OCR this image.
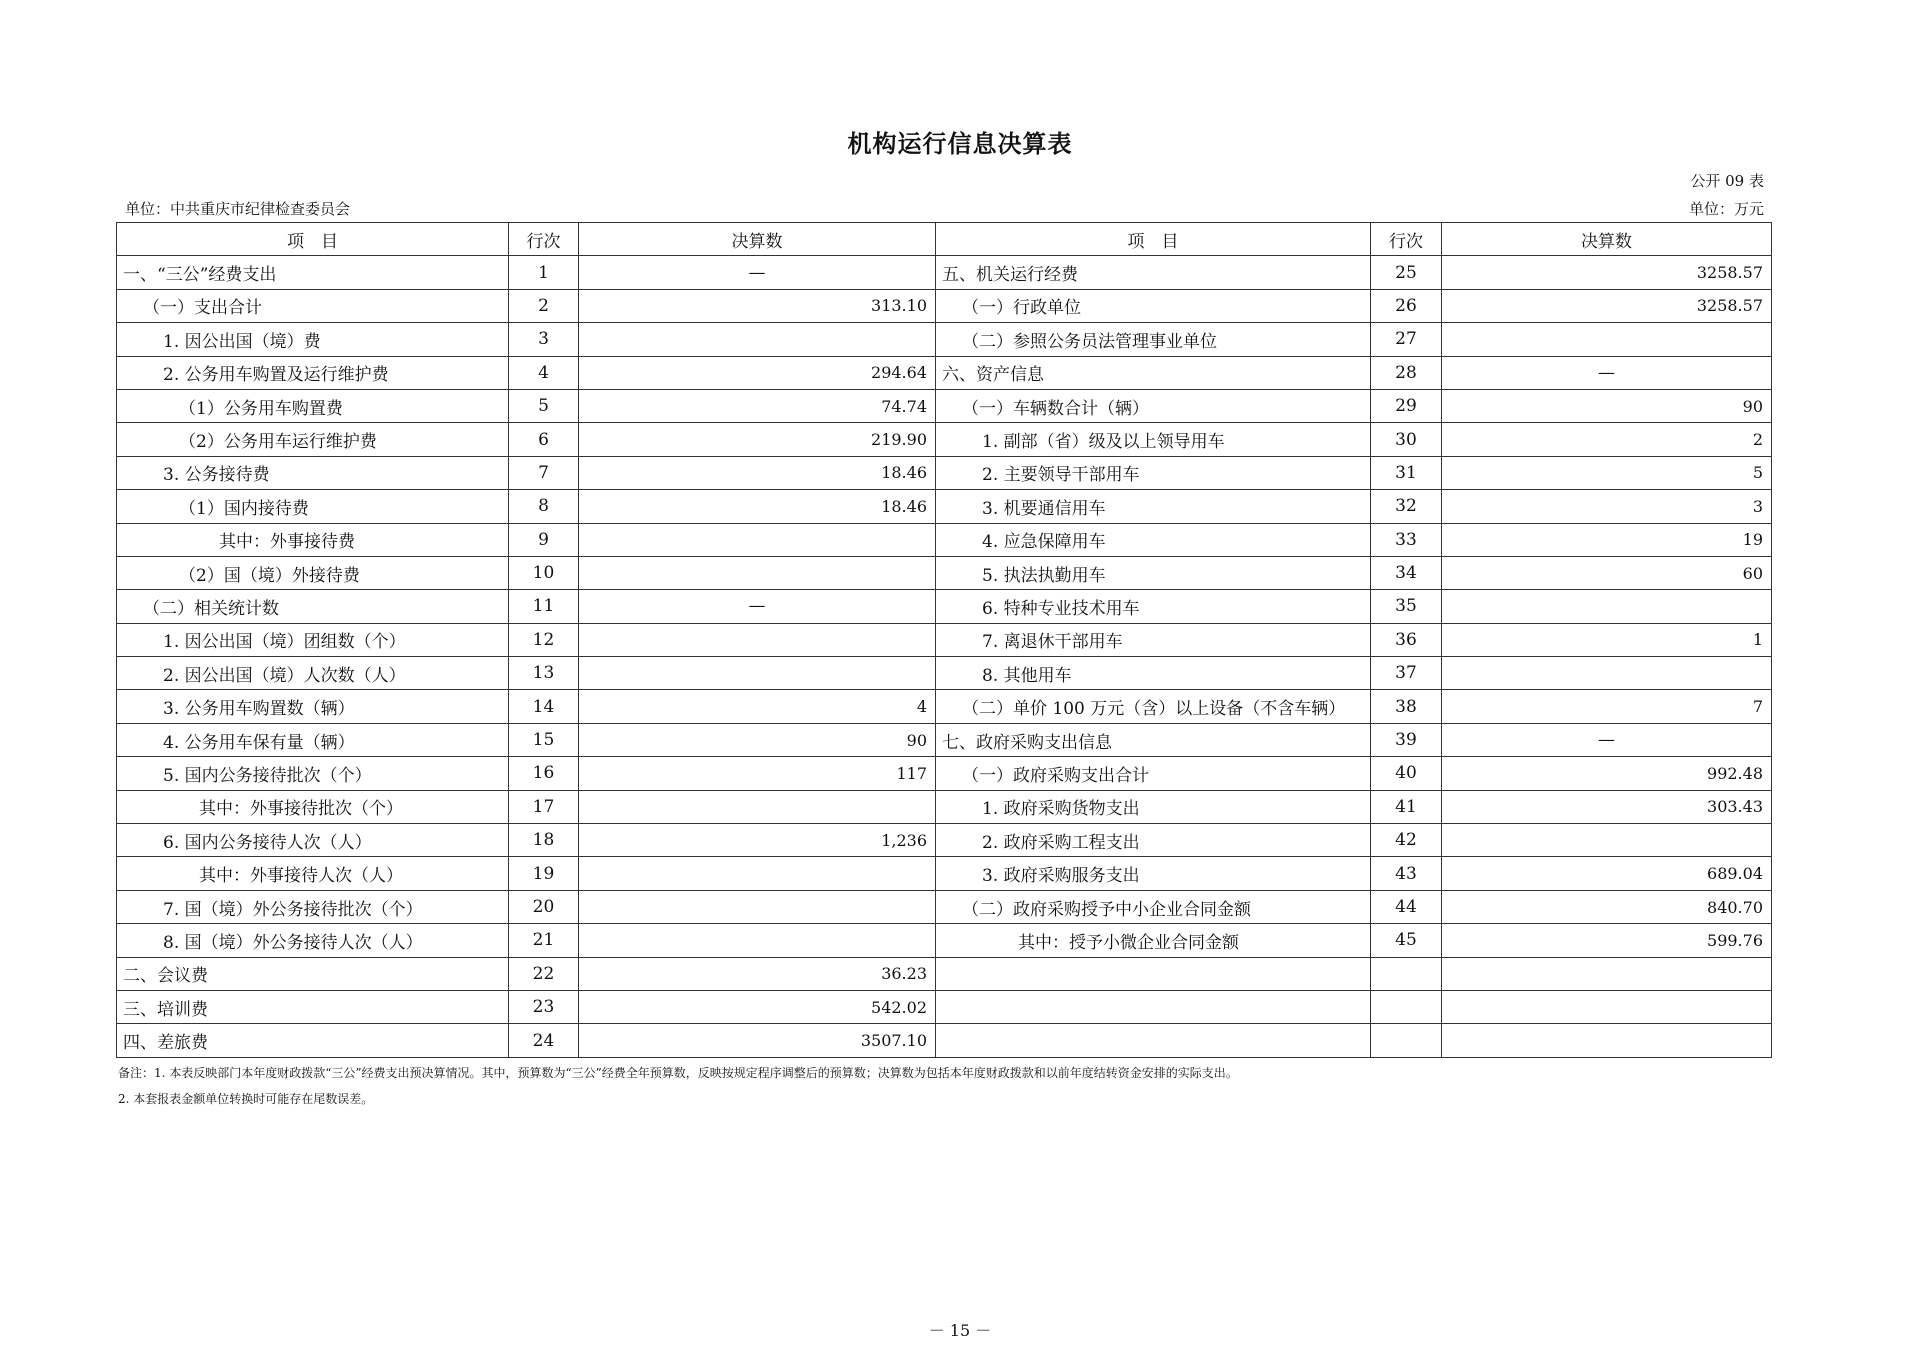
机构运行信息决算表
公开 09 表
单位：中共重庆市纪律检查委员会	单位：万元
项　目	行次	决算数	项　目	行次	决算数
一、“三公”经费支出	1	—	五、机关运行经费	25	3258.57
（一）支出合计	2	313.10	（一）行政单位	26	3258.57
1. 因公出国（境）费	3		（二）参照公务员法管理事业单位	27	
2. 公务用车购置及运行维护费	4	294.64	六、资产信息	28	—
（1）公务用车购置费	5	74.74	（一）车辆数合计（辆）	29	90
（2）公务用车运行维护费	6	219.90	1. 副部（省）级及以上领导用车	30	2
3. 公务接待费	7	18.46	2. 主要领导干部用车	31	5
（1）国内接待费	8	18.46	3. 机要通信用车	32	3
其中：外事接待费	9		4. 应急保障用车	33	19
（2）国（境）外接待费	10		5. 执法执勤用车	34	60
（二）相关统计数	11	—	6. 特种专业技术用车	35	
1. 因公出国（境）团组数（个）	12		7. 离退休干部用车	36	1
2. 因公出国（境）人次数（人）	13		8. 其他用车	37	
3. 公务用车购置数（辆）	14	4	（二）单价 100 万元（含）以上设备（不含车辆）	38	7
4. 公务用车保有量（辆）	15	90	七、政府采购支出信息	39	—
5. 国内公务接待批次（个）	16	117	（一）政府采购支出合计	40	992.48
其中：外事接待批次（个）	17		1. 政府采购货物支出	41	303.43
6. 国内公务接待人次（人）	18	1,236	2. 政府采购工程支出	42	
其中：外事接待人次（人）	19		3. 政府采购服务支出	43	689.04
7. 国（境）外公务接待批次（个）	20		（二）政府采购授予中小企业合同金额	44	840.70
8. 国（境）外公务接待人次（人）	21		其中：授予小微企业合同金额	45	599.76
二、会议费	22	36.23			
三、培训费	23	542.02			
四、差旅费	24	3507.10			
备注：1. 本表反映部门本年度财政拨款“三公”经费支出预决算情况。其中，预算数为“三公”经费全年预算数，反映按规定程序调整后的预算数；决算数为包括本年度财政拨款和以前年度结转资金安排的实际支出。
2. 本套报表金额单位转换时可能存在尾数误差。
－ 15 －
